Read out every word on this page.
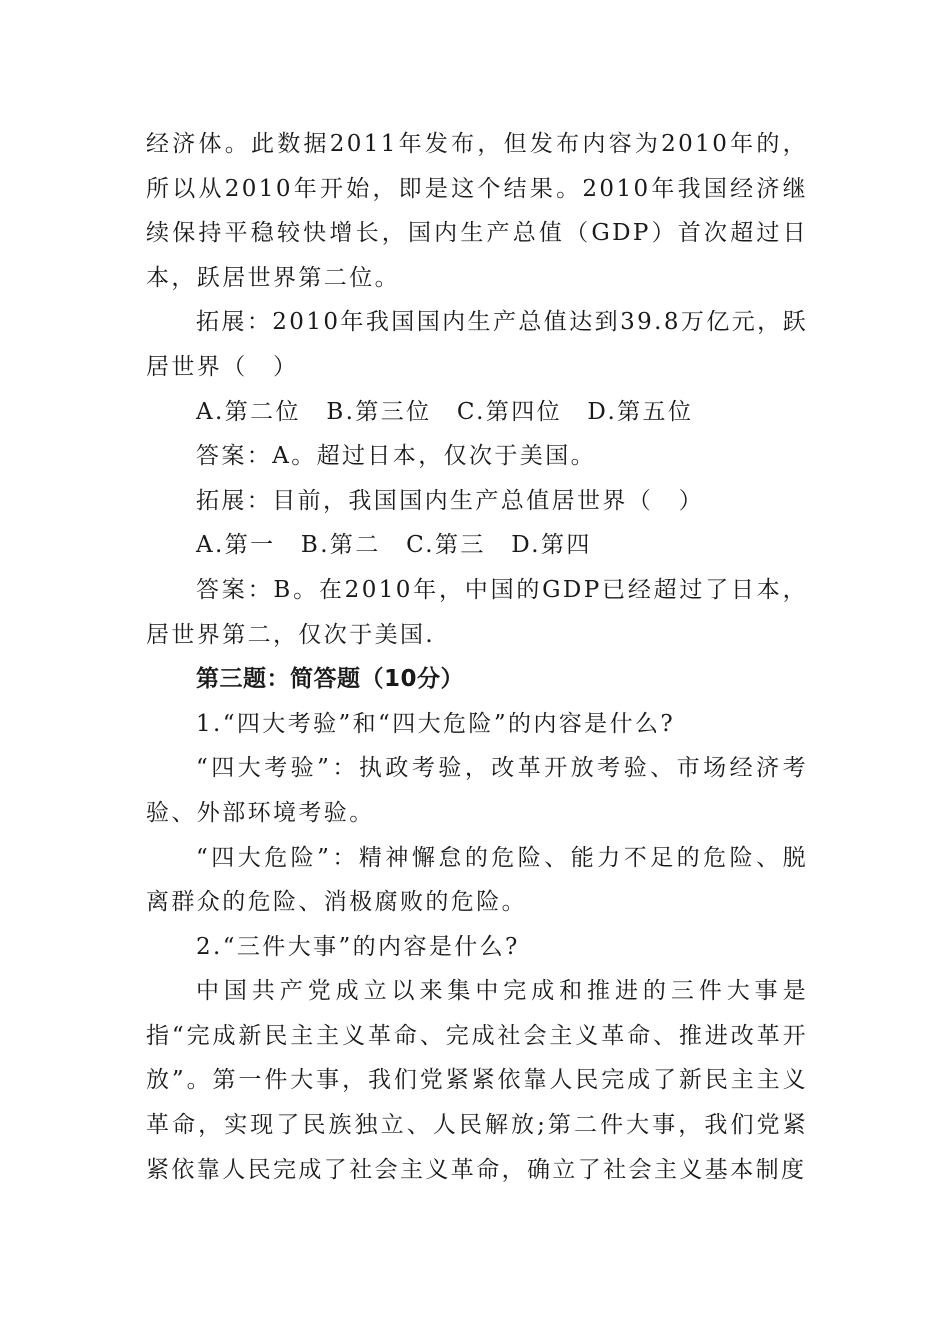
经济体。此数据2011年发布，但发布内容为2010年的，所以从2010年开始，即是这个结果。2010年我国经济继续保持平稳较快增长，国内生产总值（GDP）首次超过日本，跃居世界第二位。

拓展：2010年我国国内生产总值达到39.8万亿元，跃居世界（　）

A.第二位　B.第三位　C.第四位　D.第五位

答案：A。超过日本，仅次于美国。

拓展：目前，我国国内生产总值居世界（　）

A.第一　B.第二　C.第三　D.第四

答案：B。在2010年，中国的GDP已经超过了日本，居世界第二，仅次于美国.

第三题：简答题（10分）

1.“四大考验”和“四大危险”的内容是什么?

“四大考验”：执政考验，改革开放考验、市场经济考验、外部环境考验。

“四大危险”：精神懈怠的危险、能力不足的危险、脱离群众的危险、消极腐败的危险。

2.“三件大事”的内容是什么?

中国共产党成立以来集中完成和推进的三件大事是指“完成新民主主义革命、完成社会主义革命、推进改革开放”。第一件大事，我们党紧紧依靠人民完成了新民主主义革命，实现了民族独立、人民解放;第二件大事，我们党紧紧依靠人民完成了社会主义革命，确立了社会主义基本制度
